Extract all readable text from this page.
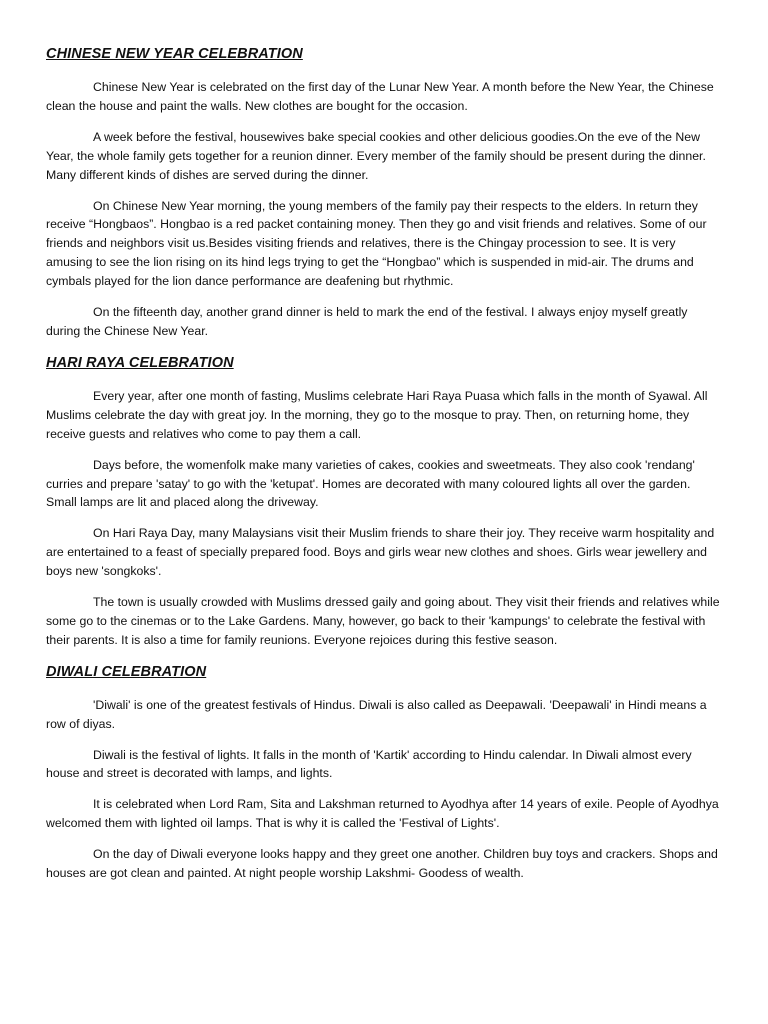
CHINESE NEW YEAR CELEBRATION

Chinese New Year is celebrated on the first day of the Lunar New Year. A month before the New Year, the Chinese clean the house and paint the walls. New clothes are bought for the occasion.

A week before the festival, housewives bake special cookies and other delicious goodies.On the eve of the New Year, the whole family gets together for a reunion dinner. Every member of the family should be present during the dinner. Many different kinds of dishes are served during the dinner.

On Chinese New Year morning, the young members of the family pay their respects to the elders. In return they receive “Hongbaos”. Hongbao is a red packet containing money. Then they go and visit friends and relatives. Some of our friends and neighbors visit us.Besides visiting friends and relatives, there is the Chingay procession to see. It is very amusing to see the lion rising on its hind legs trying to get the “Hongbao” which is suspended in mid-air. The drums and cymbals played for the lion dance performance are deafening but rhythmic.

On the fifteenth day, another grand dinner is held to mark the end of the festival. I always enjoy myself greatly during the Chinese New Year.

HARI RAYA CELEBRATION

Every year, after one month of fasting, Muslims celebrate Hari Raya Puasa which falls in the month of Syawal. All Muslims celebrate the day with great joy. In the morning, they go to the mosque to pray. Then, on returning home, they receive guests and relatives who come to pay them a call.

Days before, the womenfolk make many varieties of cakes, cookies and sweetmeats. They also cook 'rendang' curries and prepare 'satay' to go with the 'ketupat'. Homes are decorated with many coloured lights all over the garden. Small lamps are lit and placed along the driveway.

On Hari Raya Day, many Malaysians visit their Muslim friends to share their joy. They receive warm hospitality and are entertained to a feast of specially prepared food. Boys and girls wear new clothes and shoes. Girls wear jewellery and boys new 'songkoks'.

The town is usually crowded with Muslims dressed gaily and going about. They visit their friends and relatives while some go to the cinemas or to the Lake Gardens. Many, however, go back to their 'kampungs' to celebrate the festival with their parents. It is also a time for family reunions. Everyone rejoices during this festive season.

DIWALI CELEBRATION

'Diwali' is one of the greatest festivals of Hindus. Diwali is also called as Deepawali. 'Deepawali' in Hindi means a row of diyas.

Diwali is the festival of lights. It falls in the month of 'Kartik' according to Hindu calendar. In Diwali almost every house and street is decorated with lamps, and lights.

It is celebrated when Lord Ram, Sita and Lakshman returned to Ayodhya after 14 years of exile. People of Ayodhya welcomed them with lighted oil lamps. That is why it is called the 'Festival of Lights'.

On the day of Diwali everyone looks happy and they greet one another. Children buy toys and crackers. Shops and houses are got clean and painted. At night people worship Lakshmi- Goodess of wealth.
